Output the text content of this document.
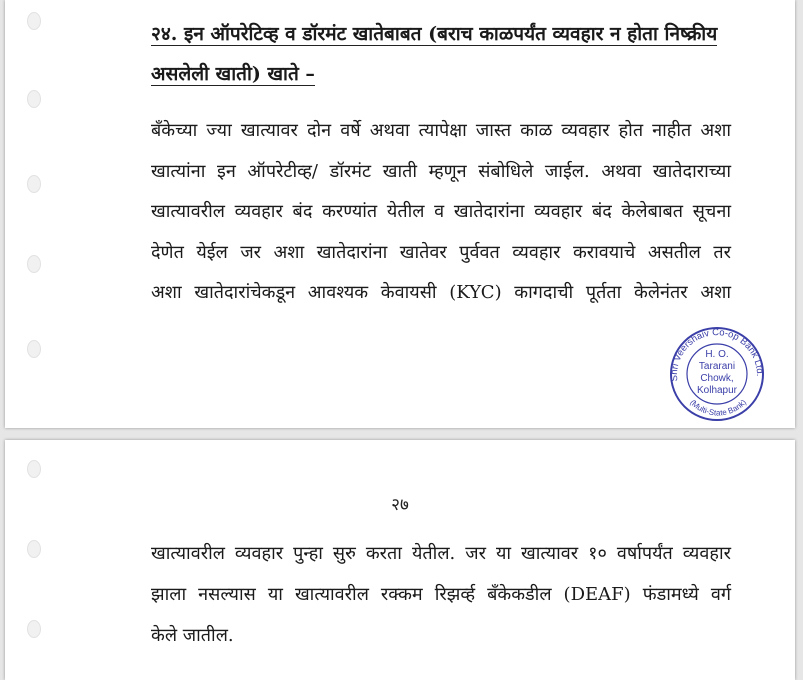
२४. इन ऑपरेटिव्ह व डॉरमंट खातेबाबत (बराच काळपर्यंत व्यवहार न होता निष्क्रीय
असलेली खाती) खाते –

बँकेच्या ज्या खात्यावर दोन वर्षे अथवा त्यापेक्षा जास्त काळ व्यवहार होत नाहीत अशा
खात्यांना इन ऑपरेटीव्ह/ डॉरमंट खाती म्हणून संबोधिले जाईल. अथवा खातेदाराच्या
खात्यावरील व्यवहार बंद करण्यांत येतील व खातेदारांना व्यवहार बंद केलेबाबत सूचना
देणेत येईल जर अशा खातेदारांना खातेवर पुर्ववत व्यवहार करावयाचे असतील तर
अशा खातेदारांचेकडून आवश्यक केवायसी (KYC) कागदाची पूर्तता केलेनंतर अशा

Shri Veershaiv Co-op Bank Ltd.
(Multi-State Bank)
H. O.
Tararani
Chowk,
Kolhapur
२७

खात्यावरील व्यवहार पुन्हा सुरु करता येतील. जर या खात्यावर १० वर्षापर्यंत व्यवहार
झाला नसल्यास या खात्यावरील रक्कम रिझर्व्ह बँकेकडील (DEAF) फंडामध्ये वर्ग
केले जातील.
